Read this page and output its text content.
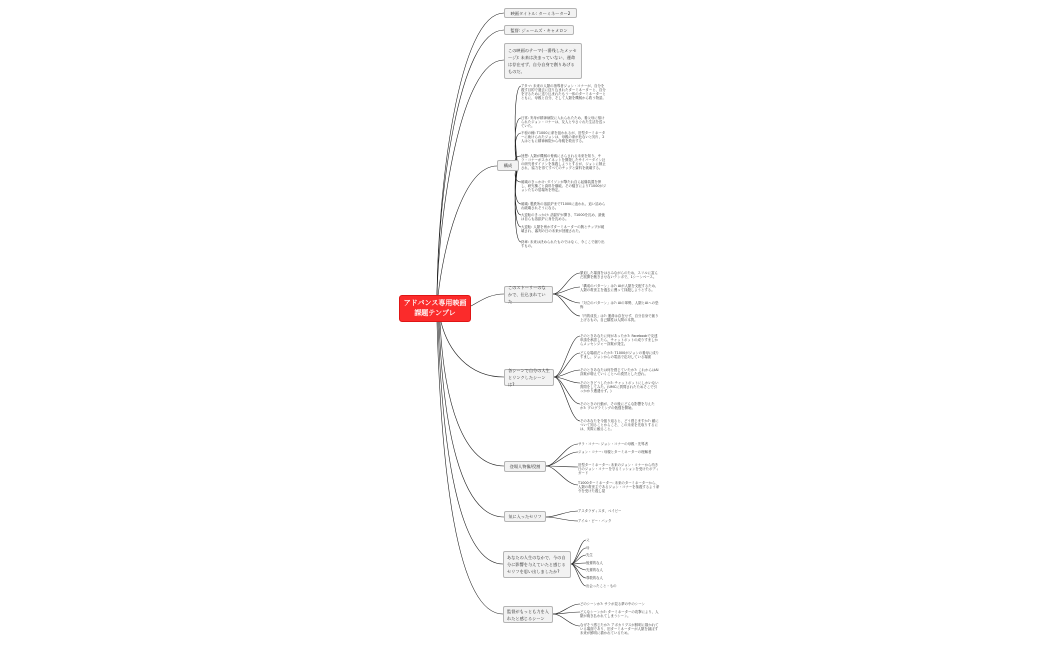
アドバンス専用映画課題テンプレ
映画タイトル: ターミネーター2
監督: ジェームズ・キャメロン
この映画のテーマ(一番残したメッセージ): 未来は決まっていない、運命は存在せず、自分自身で創りあげるものだ。
構成
アタマ: 未来の人類の指導者ジョン・コナーが、自分を殺す目的で過去に送り込まれたターミネーターと、自分を守るために送り込まれたもう一体のターミネーターとともに、母親と自分、そして人類を機械から救う物語。
日常: 実母が精神病院に入れられたため、養父母に預けられたジョン・コナーは、友人とやさぐれた生活を送っていた。
不穏の種: T1000に命を狙われるが、旧型ターミネーターに助けられたジョンは、母親の命が危ないと知り、2人はともに精神病院から母親を救出する。
回想: 人類が機械の脅威にさらされる未来を知り、サラ・コナーがスカイネットを開発したサイバーダイン社の研究者ダイソンを抹殺しようとするが、ジョンに制止され、協力を得てすべてのチップと資料を破壊する。
破壊のきっかけ: ダイソンが撃たれ自ら起爆装置を押し、研究棟ごと資料を爆破。その騒ぎによりT1000がジョンたちの居場所を特定。
破壊: 製鉄所の溶鉱炉までT1000に追われ、追い詰められ破壊されそうになる。
大逆転のきっかけ: 溶鉱炉が開き、T1000を沈め、最後は自らも溶鉱炉に身を沈める。
大逆転: 人類を脅かすターミネーターの腕とチップが破壊され、審判の日の未来が回避された。
終章: 未来は決められたものではなく、今ここで創り出すもの。
このストーリーのなかで、仕込まれていた
緊迫した場面をはさみながらのため、スリルに富んだ展開を飽きさせないテンポで、1シーンペース。
「構成のパターン」は?: AIが人類を支配するため、人類の救世主を過去に遡って抹殺しようとする。
「対立のパターン」は?: AIの軍勢、人類とAIへの恐怖
「内的成長」は?: 運命は存在せず、自分自身で創り上げるもの。自己犠牲は人間の本質。
各シーンで自分の人生とリンクしたシーンは?
そのときあなたに何があったか?: Facebookで友達申請を承認したら、チャットボットの成りすましからメッセンジャー詐欺が発生。
どんな場面だったか?: T1000がジョンの養母に成りすまし、ジョンからの電話で応対している場面
そのときあなたは何を感じていたか?: これからはAI詐欺が増えていくことへの漠然とした恐れ。
そのときどうしたか?: チャットボットにしかいない質問をしてみた。(UMCに質問されたためそこで引っかかり遭遇せず。)
そのときの行動が、その後にどんな影響を与えたか?: プログラミングの勉強を開始。
そのあなたを今振り返ると、どう感じますか?: 敵について知ることからこそ、この未来を先取りするには、実際に触ること。
登場人物像/役割
サラ・コナー: ジョン・コナーの母親・先導者
ジョン・コナー: 母親とターミネーターの理解者
旧型ターミネーター: 未来のジョン・コナーから幼き日のジョン・コナーを守るミッションを受けたボディガード
T1000ターミネーター: 未来のターミネーターから、人類の救世主であるジョン・コナーを抹殺するよう命令を受けた殺し屋
気に入ったセリフ
アスタラヴィスタ、ベイビー
アイル・ビー・バック
あなたの人生のなかで、今の自分に影響を与えていたと感じるセリフを思い出しましたか?
父
母
先生
後輩的な人
先輩的な人
尊敬的な人
出会ったこと・もの
監督がもっとも力を入れたと感じるシーン
どのシーンか?: サラが見る夢の中のシーン
どんなシーンか?: ターミネーターの攻撃により、人類が焼き払われてしまうシーン。
なぜそう感じたか?: アポカリプスが鮮明に描かれている場面であり、旧ターミネーターが人類を滅ぼす未来が鮮明に描かれているため。
